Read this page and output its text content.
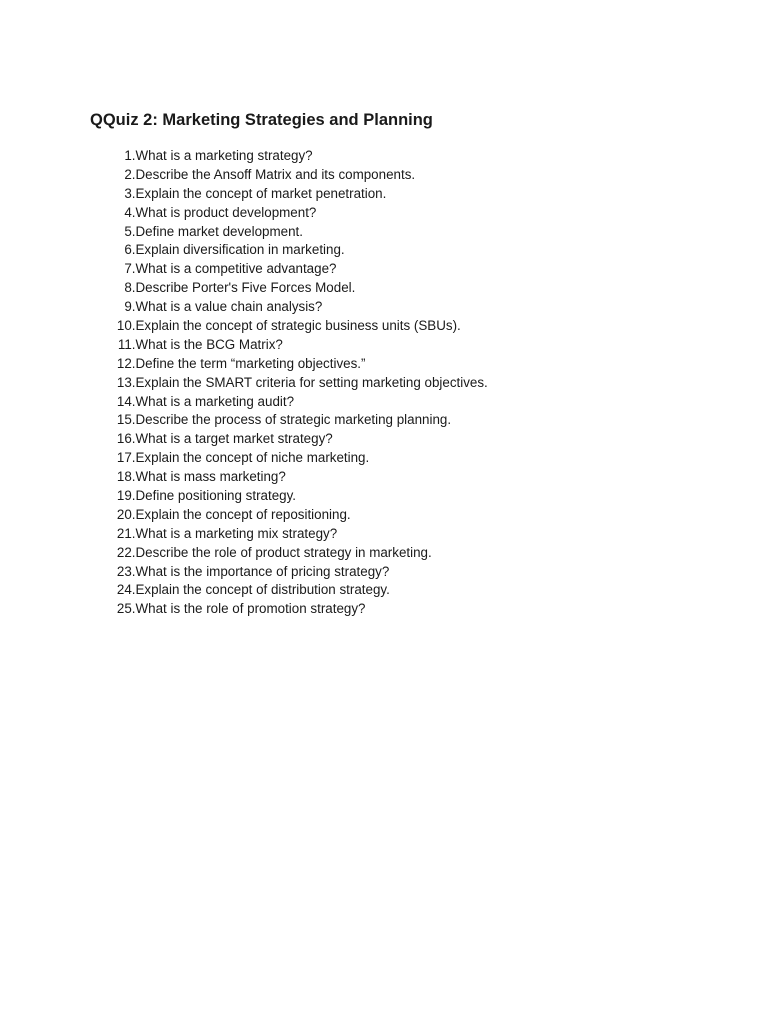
QQuiz 2: Marketing Strategies and Planning
1. What is a marketing strategy?
2. Describe the Ansoff Matrix and its components.
3. Explain the concept of market penetration.
4. What is product development?
5. Define market development.
6. Explain diversification in marketing.
7. What is a competitive advantage?
8. Describe Porter's Five Forces Model.
9. What is a value chain analysis?
10. Explain the concept of strategic business units (SBUs).
11. What is the BCG Matrix?
12. Define the term “marketing objectives.”
13. Explain the SMART criteria for setting marketing objectives.
14. What is a marketing audit?
15. Describe the process of strategic marketing planning.
16. What is a target market strategy?
17. Explain the concept of niche marketing.
18. What is mass marketing?
19. Define positioning strategy.
20. Explain the concept of repositioning.
21. What is a marketing mix strategy?
22. Describe the role of product strategy in marketing.
23. What is the importance of pricing strategy?
24. Explain the concept of distribution strategy.
25. What is the role of promotion strategy?
